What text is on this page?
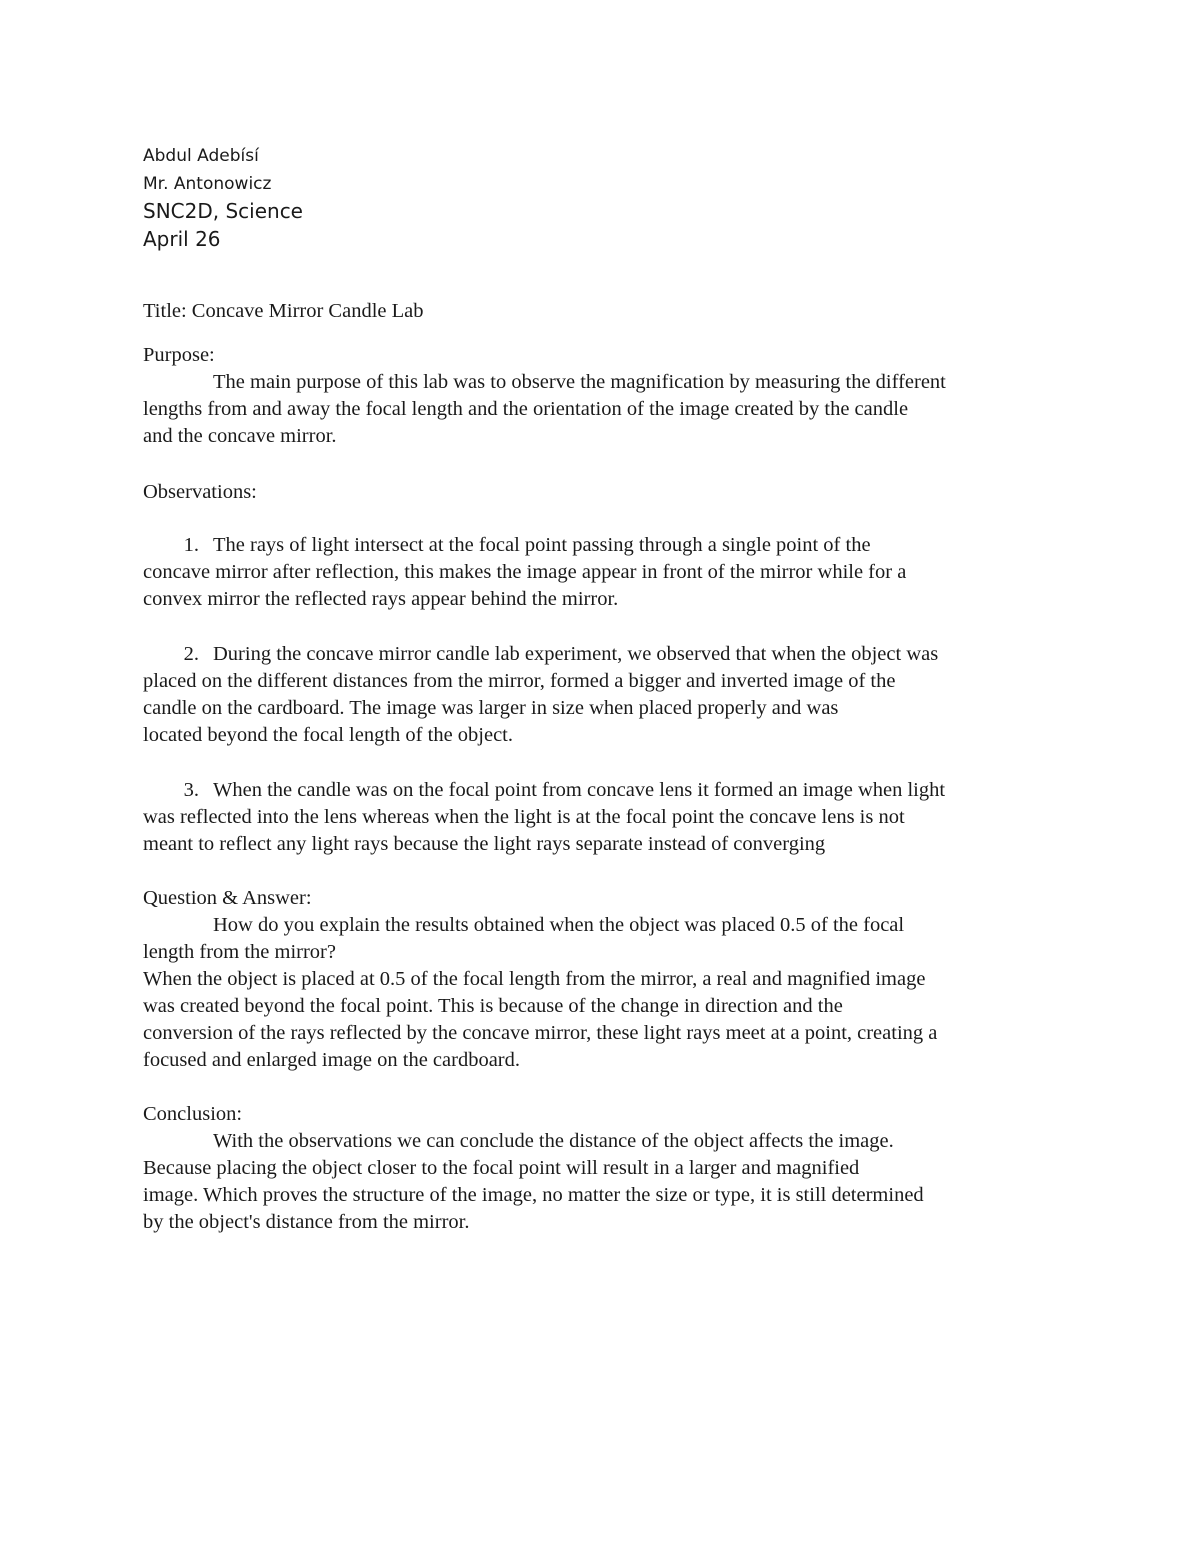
Abdul Adebísí
Mr. Antonowicz
SNC2D, Science
April 26
Title: Concave Mirror Candle Lab
Purpose:
The main purpose of this lab was to observe the magnification by measuring the different
lengths from and away the focal length and the orientation of the image created by the candle
and the concave mirror.
Observations:
1. The rays of light intersect at the focal point passing through a single point of the
concave mirror after reflection, this makes the image appear in front of the mirror while for a
convex mirror the reflected rays appear behind the mirror.
2. During the concave mirror candle lab experiment, we observed that when the object was
placed on the different distances from the mirror, formed a bigger and inverted image of the
candle on the cardboard. The image was larger in size when placed properly and was
located beyond the focal length of the object.
3. When the candle was on the focal point from concave lens it formed an image when light
was reflected into the lens whereas when the light is at the focal point the concave lens is not
meant to reflect any light rays because the light rays separate instead of converging
Question & Answer:
How do you explain the results obtained when the object was placed 0.5 of the focal
length from the mirror?
When the object is placed at 0.5 of the focal length from the mirror, a real and magnified image
was created beyond the focal point. This is because of the change in direction and the
conversion of the rays reflected by the concave mirror, these light rays meet at a point, creating a
focused and enlarged image on the cardboard.
Conclusion:
With the observations we can conclude the distance of the object affects the image.
Because placing the object closer to the focal point will result in a larger and magnified
image. Which proves the structure of the image, no matter the size or type, it is still determined
by the object's distance from the mirror.
